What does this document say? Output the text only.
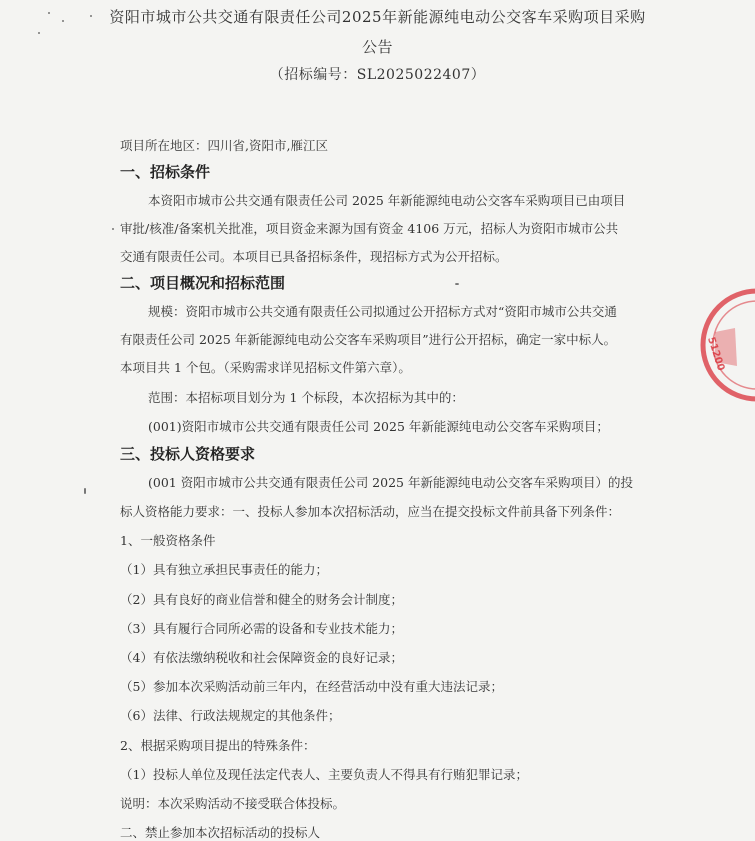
资阳市城市公共交通有限责任公司2025年新能源纯电动公交客车采购项目采购
公告
（招标编号：SL2025022407）
项目所在地区：四川省,资阳市,雁江区
一、招标条件
本资阳市城市公共交通有限责任公司 2025 年新能源纯电动公交客车采购项目已由项目
审批/核准/备案机关批准，项目资金来源为国有资金 4106 万元，招标人为资阳市城市公共
交通有限责任公司。本项目已具备招标条件，现招标方式为公开招标。
二、项目概况和招标范围
规模：资阳市城市公共交通有限责任公司拟通过公开招标方式对“资阳市城市公共交通
有限责任公司 2025 年新能源纯电动公交客车采购项目”进行公开招标，确定一家中标人。
本项目共 1 个包。（采购需求详见招标文件第六章）。
范围：本招标项目划分为 1 个标段，本次招标为其中的：
(001)资阳市城市公共交通有限责任公司 2025 年新能源纯电动公交客车采购项目；
三、投标人资格要求
(001 资阳市城市公共交通有限责任公司 2025 年新能源纯电动公交客车采购项目）的投
标人资格能力要求：一、投标人参加本次招标活动，应当在提交投标文件前具备下列条件：
1、一般资格条件
（1）具有独立承担民事责任的能力；
（2）具有良好的商业信誉和健全的财务会计制度；
（3）具有履行合同所必需的设备和专业技术能力；
（4）有依法缴纳税收和社会保障资金的良好记录；
（5）参加本次采购活动前三年内，在经营活动中没有重大违法记录；
（6）法律、行政法规规定的其他条件；
2、根据采购项目提出的特殊条件：
（1）投标人单位及现任法定代表人、主要负责人不得具有行贿犯罪记录；
说明：本次采购活动不接受联合体投标。
二、禁止参加本次招标活动的投标人
51200
